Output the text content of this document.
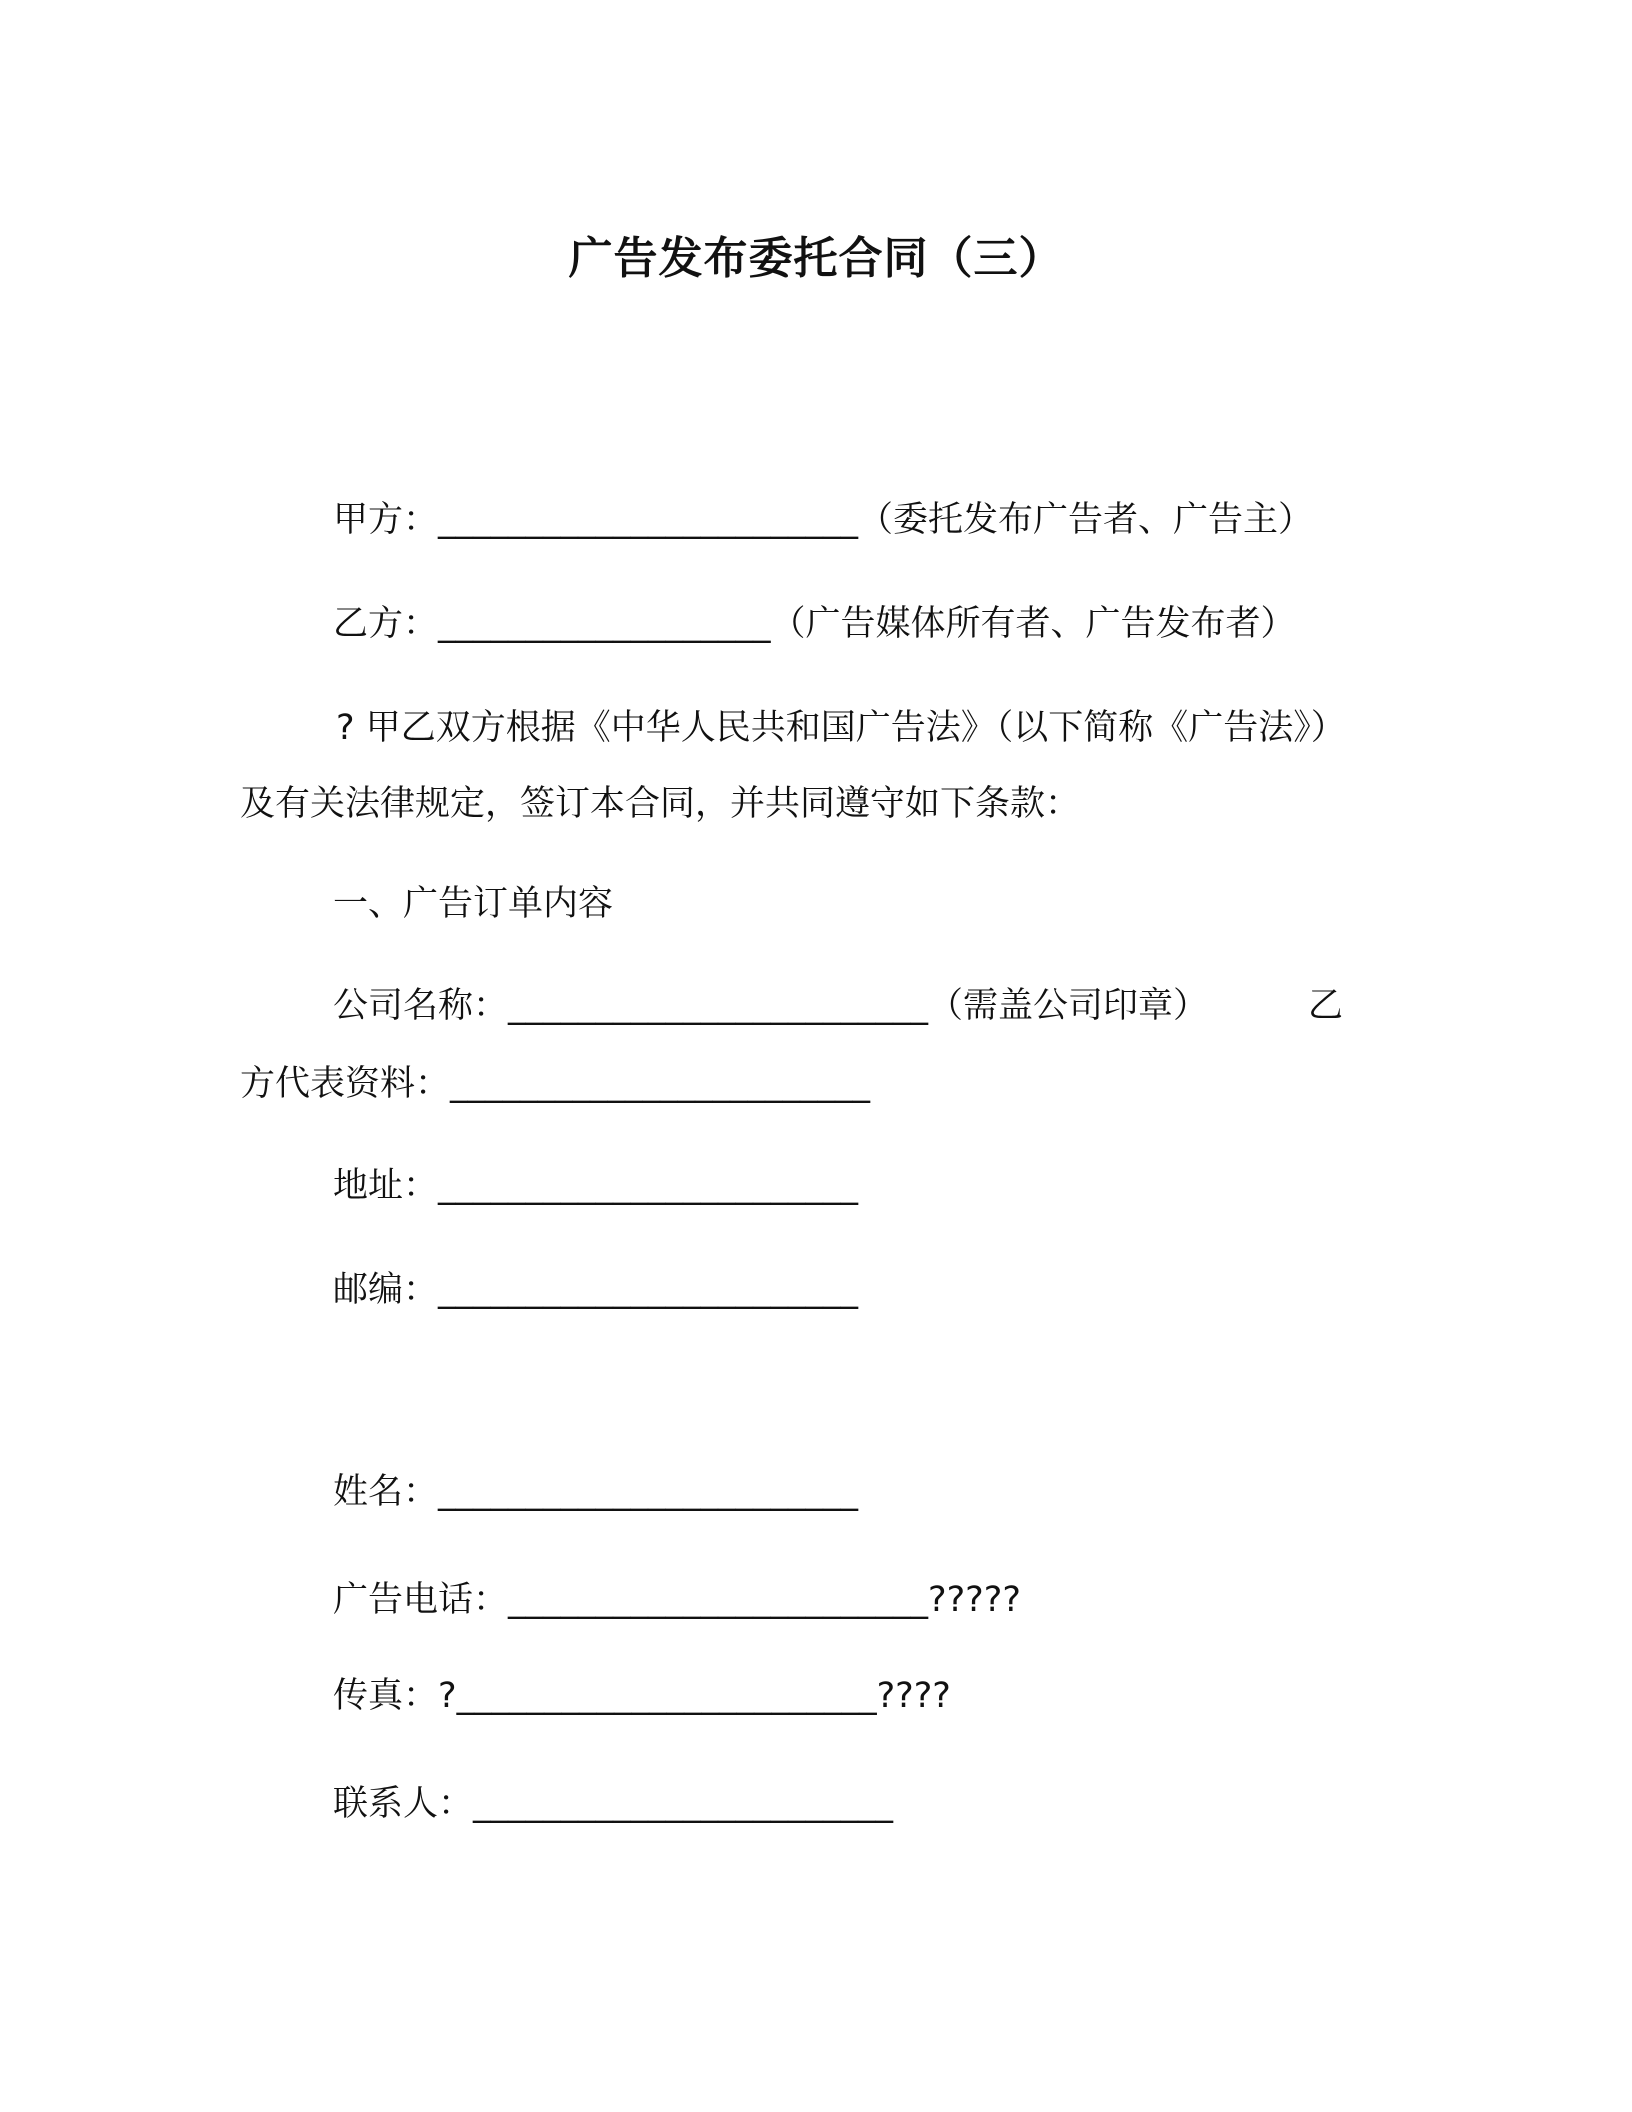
广告发布委托合同（三）
甲方：________________________（委托发布广告者、广告主）
乙方：___________________（广告媒体所有者、广告发布者）
? 甲乙双方根据《中华人民共和国广告法》（以下简称《广告法》）及有关法律规定，签订本合同，并共同遵守如下条款：
一、广告订单内容
公司名称：________________________（需盖公司印章）	乙
方代表资料：________________________
地址：________________________
邮编：________________________
姓名：________________________
广告电话：________________________?????
传真：?________________________????
联系人：________________________
